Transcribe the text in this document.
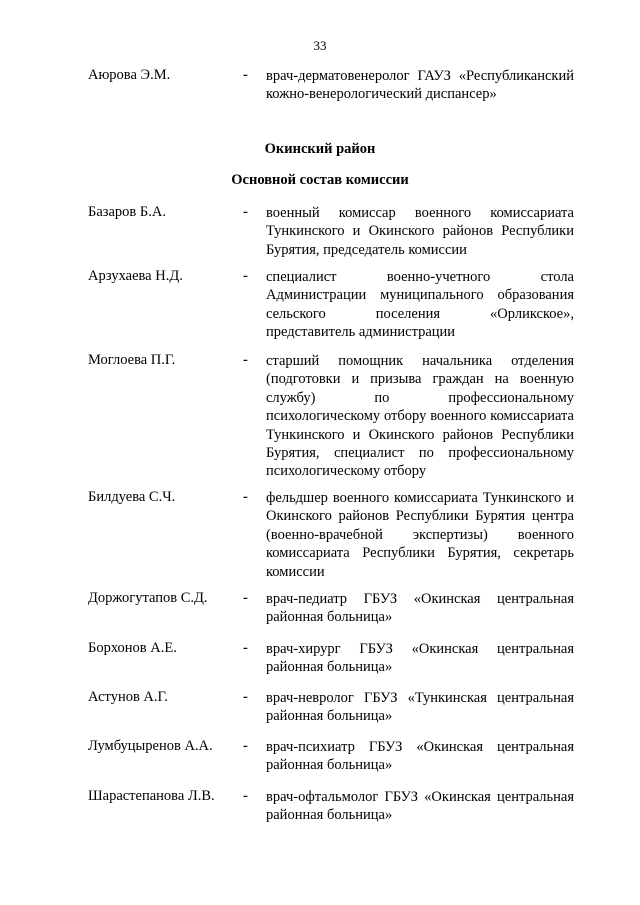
33
Аюрова Э.М.	- врач-дерматовенеролог ГАУЗ «Республиканский кожно-венерологический диспансер»
Окинский район
Основной состав комиссии
Базаров Б.А.	- военный комиссар военного комиссариата Тункинского и Окинского районов Республики Бурятия, председатель комиссии
Арзухаева Н.Д.	- специалист военно-учетного стола Администрации муниципального образования сельского поселения «Орликское», представитель администрации
Моглоева П.Г.	- старший помощник начальника отделения (подготовки и призыва граждан на военную службу) по профессиональному психологическому отбору военного комиссариата Тункинского и Окинского районов Республики Бурятия, специалист по профессиональному психологическому отбору
Билдуева С.Ч.	- фельдшер военного комиссариата Тункинского и Окинского районов Республики Бурятия центра (военно-врачебной экспертизы) военного комиссариата Республики Бурятия, секретарь комиссии
Доржогутапов С.Д. - врач-педиатр ГБУЗ «Окинская центральная районная больница»
Борхонов А.Е.	- врач-хирург ГБУЗ «Окинская центральная районная больница»
Астунов А.Г.	- врач-невролог ГБУЗ «Тункинская центральная районная больница»
Лумбуцыренов А.А. - врач-психиатр ГБУЗ «Окинская центральная районная больница»
Шарастепанова Л.В. - врач-офтальмолог ГБУЗ «Окинская центральная районная больница»
